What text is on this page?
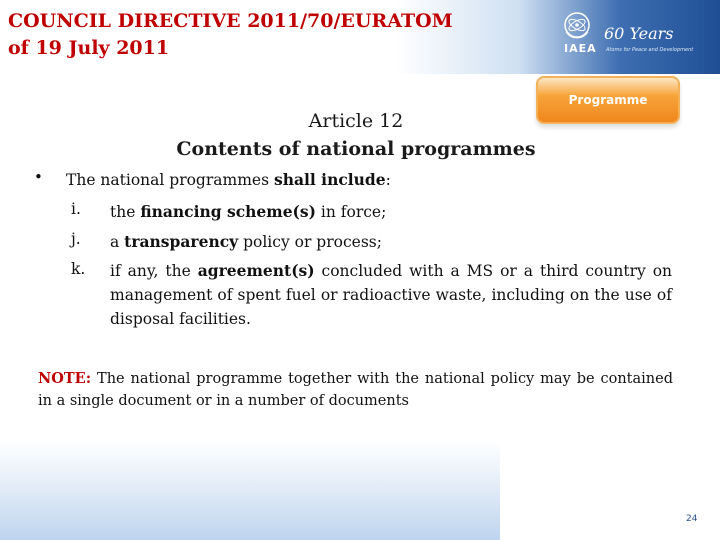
COUNCIL DIRECTIVE 2011/70/EURATOM
of 19 July 2011	IAEA
60 Years
Atoms for Peace and Development
Programme
Article 12
Contents of national programmes
• The national programmes shall include:
i. the financing scheme(s) in force;
j. a transparency policy or process;
k. if any, the agreement(s) concluded with a MS or a third country on management of spent fuel or radioactive waste, including on the use of disposal facilities.
NOTE: The national programme together with the national policy may be contained in a single document or in a number of documents
24
